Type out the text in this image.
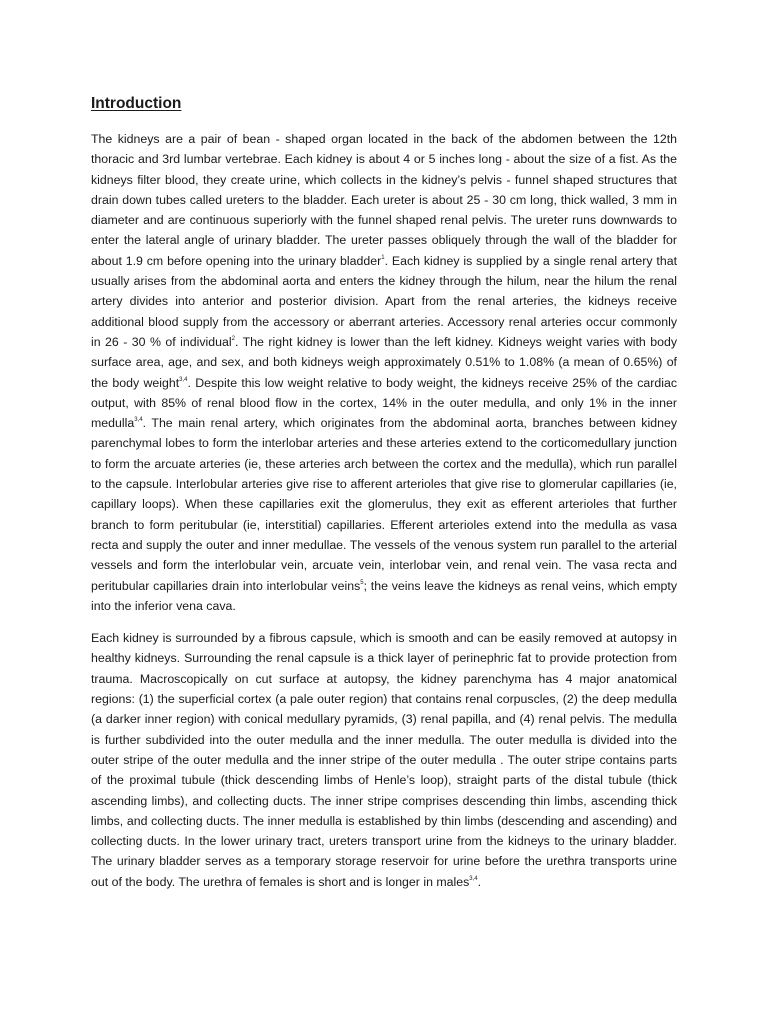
Introduction

The kidneys are a pair of bean - shaped organ located in the back of the abdomen between the 12th thoracic and 3rd lumbar vertebrae. Each kidney is about 4 or 5 inches long - about the size of a fist. As the kidneys filter blood, they create urine, which collects in the kidney’s pelvis - funnel shaped structures that drain down tubes called ureters to the bladder. Each ureter is about 25 - 30 cm long, thick walled, 3 mm in diameter and are continuous superiorly with the funnel shaped renal pelvis. The ureter runs downwards to enter the lateral angle of urinary bladder. The ureter passes obliquely through the wall of the bladder for about 1.9 cm before opening into the urinary bladder$^1$. Each kidney is supplied by a single renal artery that usually arises from the abdominal aorta and enters the kidney through the hilum, near the hilum the renal artery divides into anterior and posterior division. Apart from the renal arteries, the kidneys receive additional blood supply from the accessory or aberrant arteries. Accessory renal arteries occur commonly in 26 - 30 % of individual$^2$. The right kidney is lower than the left kidney. Kidneys weight varies with body surface area, age, and sex, and both kidneys weigh approximately 0.51% to 1.08% (a mean of 0.65%) of the body weight$^{3,4}$. Despite this low weight relative to body weight, the kidneys receive 25% of the cardiac output, with 85% of renal blood flow in the cortex, 14% in the outer medulla, and only 1% in the inner medulla$^{3,4}$. The main renal artery, which originates from the abdominal aorta, branches between kidney parenchymal lobes to form the interlobar arteries and these arteries extend to the corticomedullary junction to form the arcuate arteries (ie, these arteries arch between the cortex and the medulla), which run parallel to the capsule. Interlobular arteries give rise to afferent arterioles that give rise to glomerular capillaries (ie, capillary loops). When these capillaries exit the glomerulus, they exit as efferent arterioles that further branch to form peritubular (ie, interstitial) capillaries. Efferent arterioles extend into the medulla as vasa recta and supply the outer and inner medullae. The vessels of the venous system run parallel to the arterial vessels and form the interlobular vein, arcuate vein, interlobar vein, and renal vein. The vasa recta and peritubular capillaries drain into interlobular veins$^5$; the veins leave the kidneys as renal veins, which empty into the inferior vena cava.

Each kidney is surrounded by a fibrous capsule, which is smooth and can be easily removed at autopsy in healthy kidneys. Surrounding the renal capsule is a thick layer of perinephric fat to provide protection from trauma. Macroscopically on cut surface at autopsy, the kidney parenchyma has 4 major anatomical regions: (1) the superficial cortex (a pale outer region) that contains renal corpuscles, (2) the deep medulla (a darker inner region) with conical medullary pyramids, (3) renal papilla, and (4) renal pelvis. The medulla is further subdivided into the outer medulla and the inner medulla. The outer medulla is divided into the outer stripe of the outer medulla and the inner stripe of the outer medulla . The outer stripe contains parts of the proximal tubule (thick descending limbs of Henle’s loop), straight parts of the distal tubule (thick ascending limbs), and collecting ducts. The inner stripe comprises descending thin limbs, ascending thick limbs, and collecting ducts. The inner medulla is established by thin limbs (descending and ascending) and collecting ducts. In the lower urinary tract, ureters transport urine from the kidneys to the urinary bladder. The urinary bladder serves as a temporary storage reservoir for urine before the urethra transports urine out of the body. The urethra of females is short and is longer in males$^{3,4}$.
